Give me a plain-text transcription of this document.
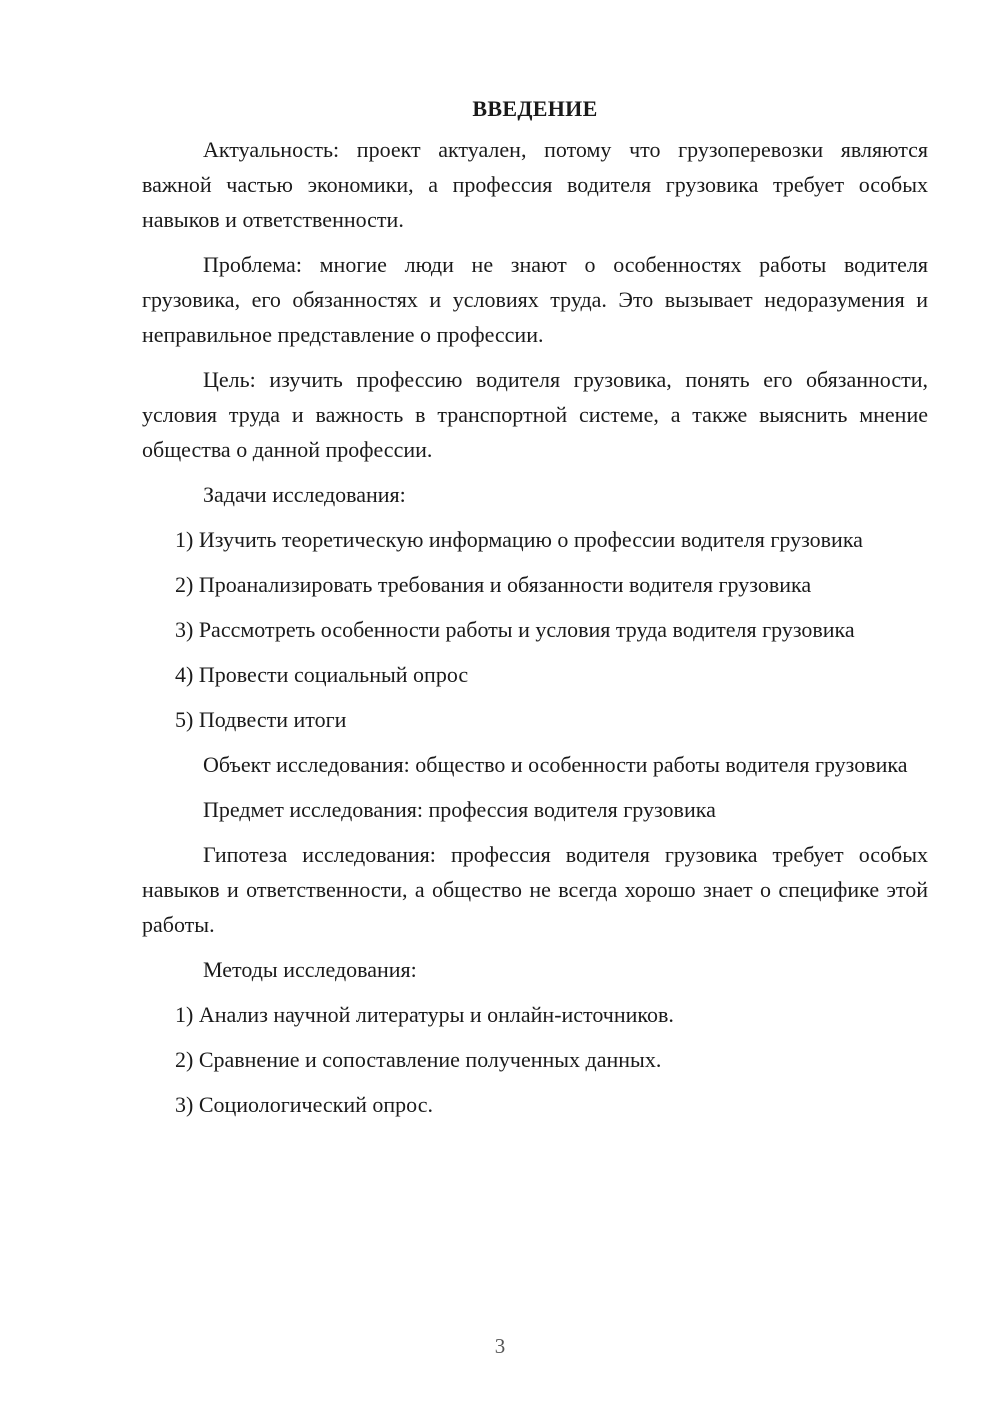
ВВЕДЕНИЕ

Актуальность: проект актуален, потому что грузоперевозки являются важной частью экономики, а профессия водителя грузовика требует особых навыков и ответственности.

Проблема: многие люди не знают о особенностях работы водителя грузовика, его обязанностях и условиях труда. Это вызывает недоразумения и неправильное представление о профессии.

Цель: изучить профессию водителя грузовика, понять его обязанности, условия труда и важность в транспортной системе, а также выяснить мнение общества о данной профессии.

Задачи исследования:

1) Изучить теоретическую информацию о профессии водителя грузовика

2) Проанализировать требования и обязанности водителя грузовика

3) Рассмотреть особенности работы и условия труда водителя грузовика

4) Провести социальный опрос

5) Подвести итоги

Объект исследования: общество и особенности работы водителя грузовика

Предмет исследования: профессия водителя грузовика

Гипотеза исследования: профессия водителя грузовика требует особых навыков и ответственности, а общество не всегда хорошо знает о специфике этой работы.

Методы исследования:

1) Анализ научной литературы и онлайн-источников.

2) Сравнение и сопоставление полученных данных.

3) Социологический опрос.

3
